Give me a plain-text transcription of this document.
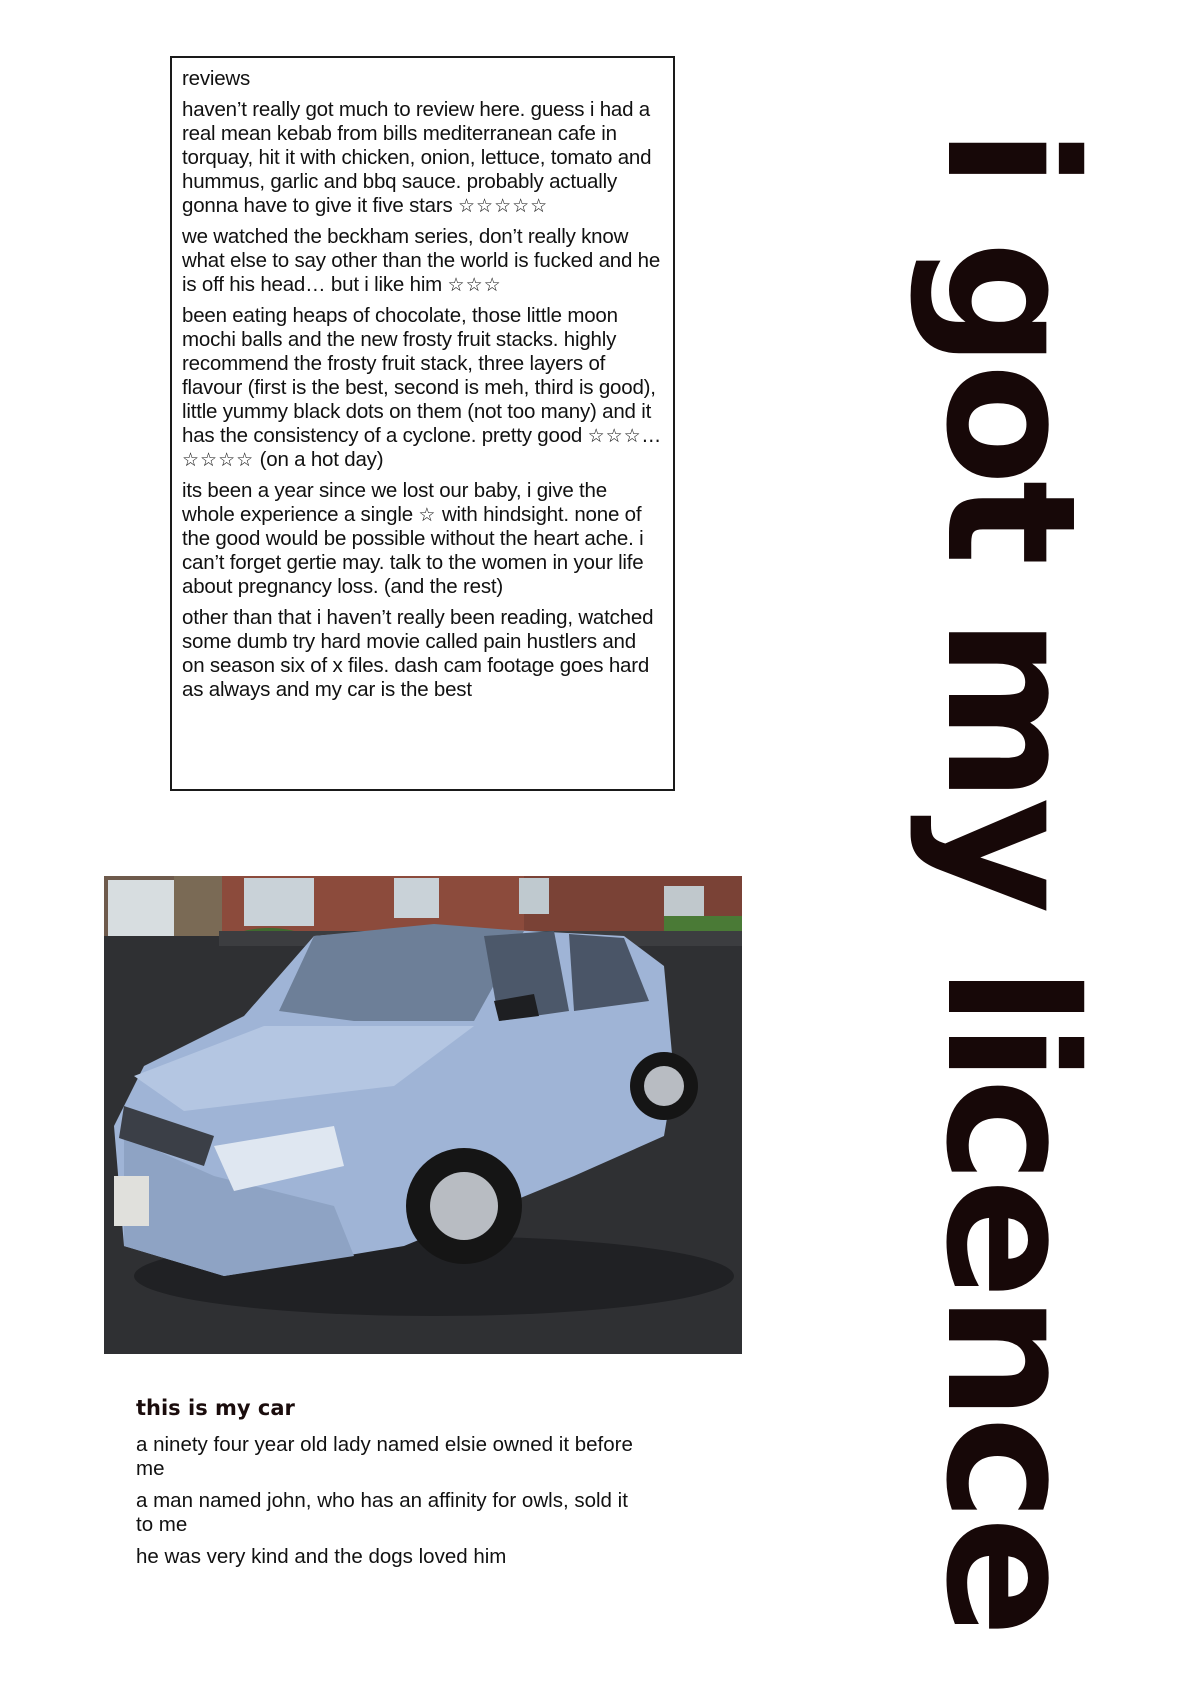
reviews

haven’t really got much to review here. guess i had a real mean kebab from bills mediterranean cafe in torquay, hit it with chicken, onion, lettuce, tomato and hummus, garlic and bbq sauce. probably actually gonna have to give it five stars ☆☆☆☆☆

we watched the beckham series, don’t really know what else to say other than the world is fucked and he is off his head… but i like him ☆☆☆

been eating heaps of chocolate, those little moon mochi balls and the new frosty fruit stacks. highly recommend the frosty fruit stack, three layers of flavour (first is the best, second is meh, third is good), little yummy black dots on them (not too many) and it has the consistency of a cyclone. pretty good ☆☆☆… ☆☆☆☆ (on a hot day)

its been a year since we lost our baby, i give the whole experience a single ☆ with hindsight. none of the good would be possible without the heart ache. i can’t forget gertie may. talk to the women in your life about pregnancy loss. (and the rest)

other than that i haven’t really been reading, watched some dumb try hard movie called pain hustlers and on season six of x files. dash cam footage goes hard as always and my car is the best

this is my car

a ninety four year old lady named elsie owned it before me

a man named john, who has an affinity for owls, sold it to me

he was very kind and the dogs loved him	i got my licence
